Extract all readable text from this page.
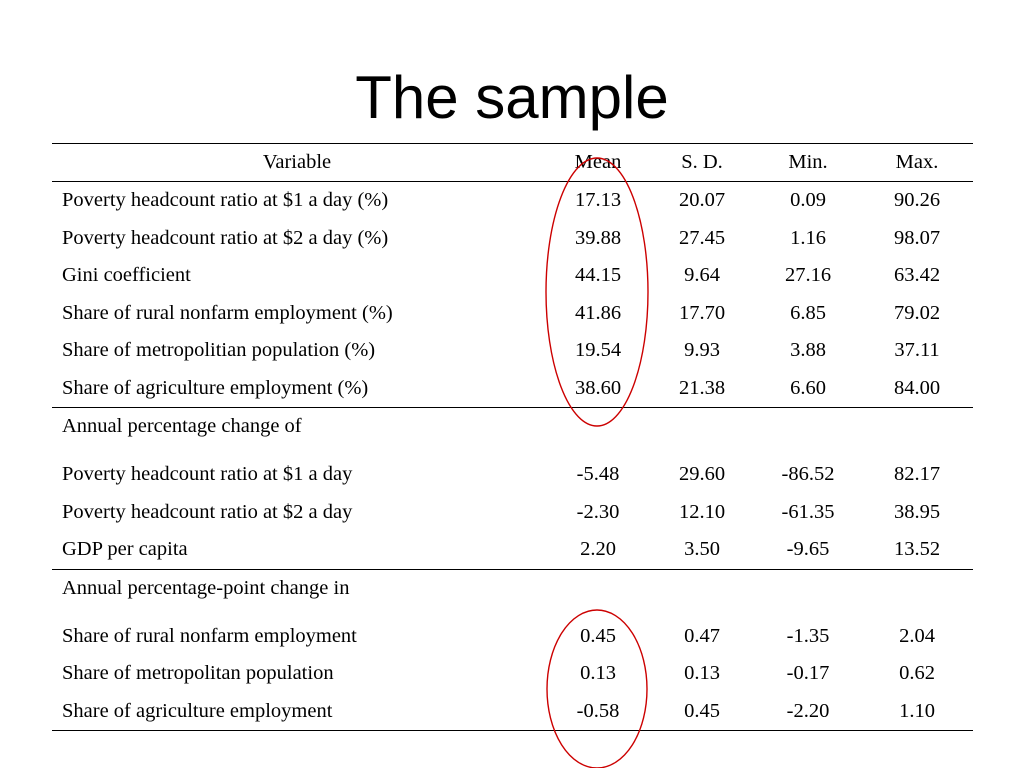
The sample
Variable	Mean	S. D.	Min.	Max.
Poverty headcount ratio at $1 a day (%)	17.13	20.07	0.09	90.26
Poverty headcount ratio at $2 a day (%)	39.88	27.45	1.16	98.07
Gini coefficient	44.15	9.64	27.16	63.42
Share of rural nonfarm employment (%)	41.86	17.70	6.85	79.02
Share of metropolitian population (%)	19.54	9.93	3.88	37.11
Share of agriculture employment (%)	38.60	21.38	6.60	84.00
Annual percentage change of
Poverty headcount ratio at $1 a day	-5.48	29.60	-86.52	82.17
Poverty headcount ratio at $2 a day	-2.30	12.10	-61.35	38.95
GDP per capita	2.20	3.50	-9.65	13.52
Annual percentage-point change in
Share of rural nonfarm employment	0.45	0.47	-1.35	2.04
Share of metropolitan population	0.13	0.13	-0.17	0.62
Share of agriculture employment	-0.58	0.45	-2.20	1.10
